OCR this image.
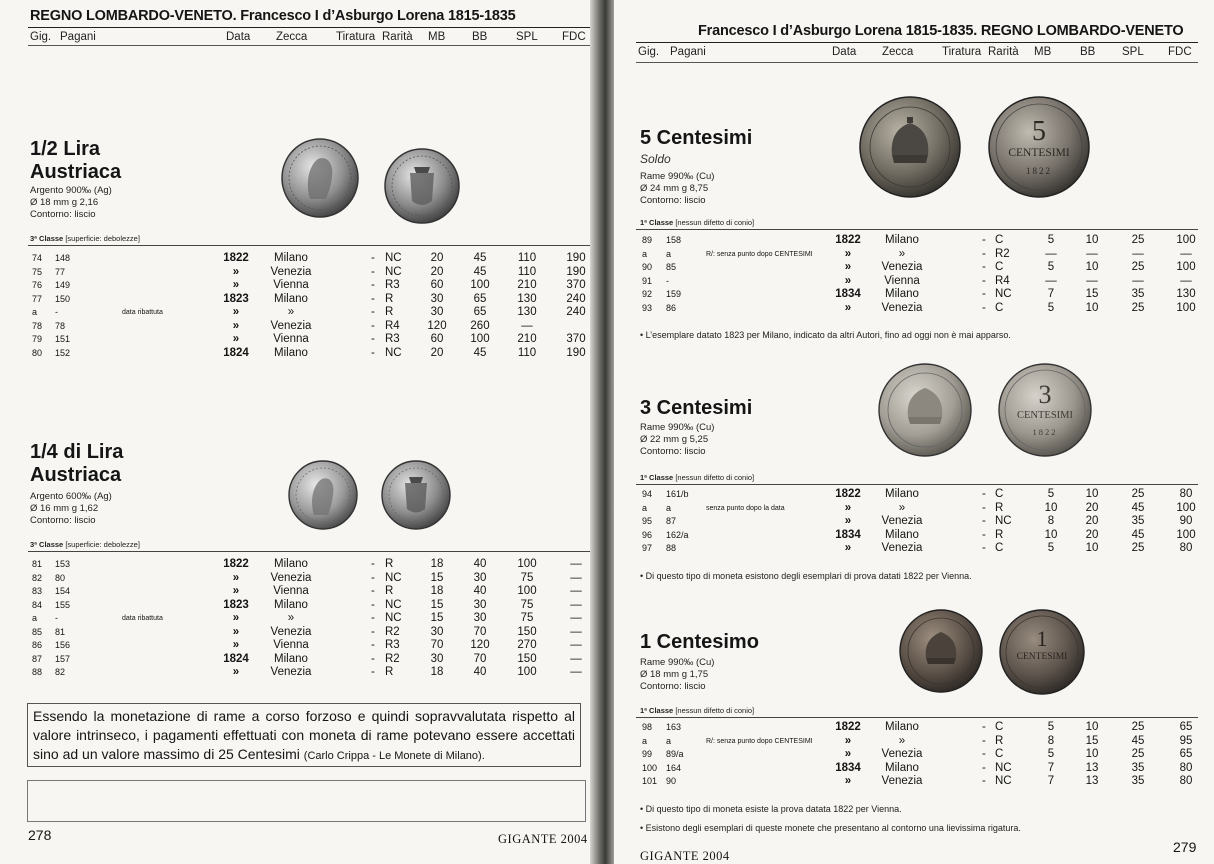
REGNO LOMBARDO-VENETO. Francesco I d’Asburgo Lorena 1815-1835
Gig. Pagani	Data Zecca Tiratura Rarità MB BB SPL FDC
1/2 Lira
Austriaca
Argento 900‰ (Ag)
Ø 18 mm g 2,16
Contorno: liscio
3ª Classe [superficie: debolezze]
74 148	1822	Milano	- NC	20	45	110	190
75 77	»	Venezia	- NC	20	45	110	190
76 149	»	Vienna	- R3	60	100	210	370
77 150	1823	Milano	- R	30	65	130	240
a -	data ribattuta	»	»	- R	30	65	130	240
78 78	»	Venezia	- R4	120	260	—
79 151	»	Vienna	- R3	60	100	210	370
80 152	1824	Milano	- NC	20	45	110	190
1/4 di Lira
Austriaca
Argento 600‰ (Ag)
Ø 16 mm g 1,62
Contorno: liscio
3ª Classe [superficie: debolezze]
81 153	1822	Milano	- R	18	40	100	—
82 80	»	Venezia	- NC	15	30	75	—
83 154	»	Vienna	- R	18	40	100	—
84 155	1823	Milano	- NC	15	30	75	—
a -	data ribattuta	»	»	- NC	15	30	75	—
85 81	»	Venezia	- R2	30	70	150	—
86 156	»	Vienna	- R3	70	120	270	—
87 157	1824	Milano	- R2	30	70	150	—
88 82	»	Venezia	- R	18	40	100	—
Essendo la monetazione di rame a corso forzoso e quindi sopravvalutata rispetto al valore intrinseco, i pagamenti effettuati con moneta di rame potevano essere accettati sino ad un valore massimo di 25 Centesimi (Carlo Crippa - Le Monete di Milano).
278	GIGANTE 2004
Francesco I d’Asburgo Lorena 1815-1835. REGNO LOMBARDO-VENETO
Gig. Pagani	Data Zecca Tiratura Rarità MB	BB SPL FDC
5 Centesimi
Soldo
Rame 990‰ (Cu)
Ø 24 mm g 8,75
Contorno: liscio
5
CENTESIMI
1822
1ª Classe [nessun difetto di conio]
89 158	1822	Milano	- C	5	10	25	100
a a	R/: senza punto dopo CENTESIMI	»	»	- R2	—	—	—	—
90 85	»	Venezia	- C	5	10	25	100
91 -	»	Vienna	- R4	—	—	—	—
92 159	1834	Milano	- NC	7	15	35	130
93 86	»	Venezia	- C	5	10	25	100
• L’esemplare datato 1823 per Milano, indicato da altri Autori, fino ad oggi non è mai apparso.
3 Centesimi
Rame 990‰ (Cu)
Ø 22 mm g 5,25
Contorno: liscio
3
CENTESIMI
1822
1ª Classe [nessun difetto di conio]
94 161/b	1822	Milano	- C	5	10	25	80
a a	senza punto dopo la data	»	»	- R	10	20	45	100
95 87	»	Venezia	- NC	8	20	35	90
96 162/a	1834	Milano	- R	10	20	45	100
97 88	»	Venezia	- C	5	10	25	80
• Di questo tipo di moneta esistono degli esemplari di prova datati 1822 per Vienna.
1 Centesimo
Rame 990‰ (Cu)
Ø 18 mm g 1,75
Contorno: liscio
1
CENTESIMI
1ª Classe [nessun difetto di conio]
98 163	1822	Milano	- C	5	10	25	65
a a	R/: senza punto dopo CENTESIMI	»	»	- R	8	15	45	95
99 89/a	»	Venezia	- C	5	10	25	65
100 164	1834	Milano	- NC	7	13	35	80
101 90	»	Venezia	- NC	7	13	35	80
• Di questo tipo di moneta esiste la prova datata 1822 per Vienna.
• Esistono degli esemplari di queste monete che presentano al contorno una lievissima rigatura.
GIGANTE 2004
279
